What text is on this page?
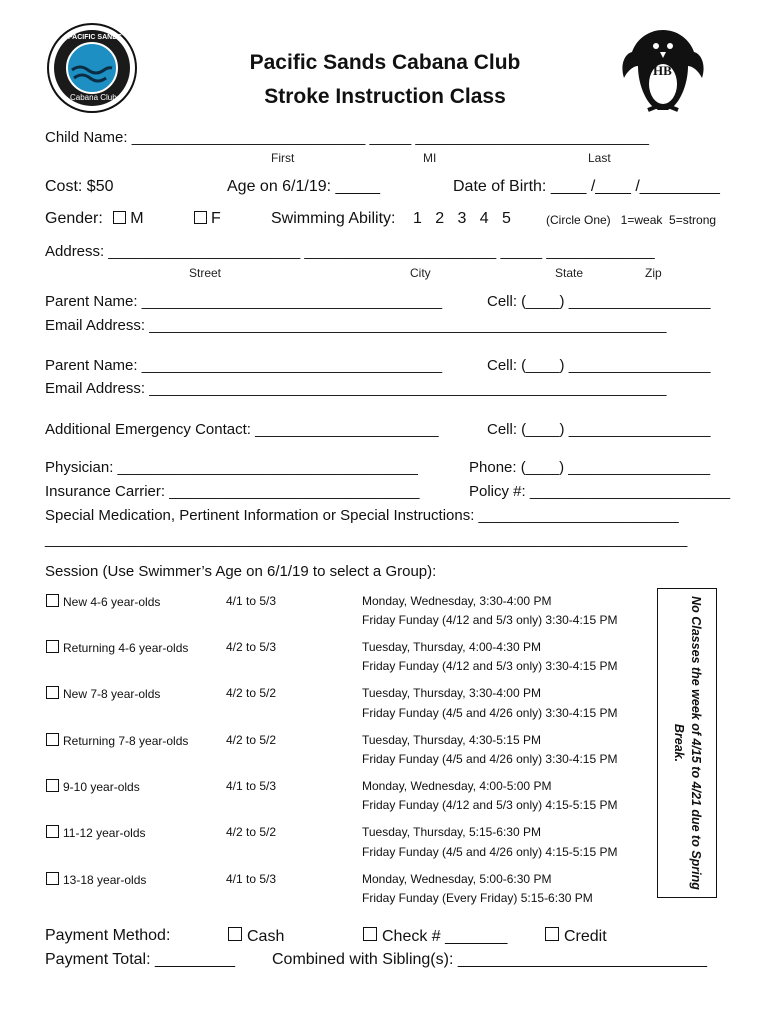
PACIFIC SANDS
Cabana Club
Pacific Sands Cabana Club
Stroke Instruction Class
HB
Child Name: ____________________________ _____ ____________________________
First	MI	Last
Cost: $50	Age on 6/1/19: _____	Date of Birth: ____ /____ /_________
Gender: M	F	Swimming Ability: 1   2   3   4   5	(Circle One)   1=weak  5=strong
Address: _______________________ _______________________ _____ _____________
Street	City	State	Zip
Parent Name: ____________________________________	Cell: (____) _________________
Email Address: ______________________________________________________________
Parent Name: ____________________________________	Cell: (____) _________________
Email Address: ______________________________________________________________
Additional Emergency Contact: ______________________	Cell: (____) _________________
Physician: ____________________________________	Phone: (____) _________________
Insurance Carrier: ______________________________	Policy #: ________________________
Special Medication, Pertinent Information or Special Instructions: ________________________
_____________________________________________________________________________
Session (Use Swimmer’s Age on 6/1/19 to select a Group):
New 4-6 year-olds	4/1 to 5/3	Monday, Wednesday, 3:30-4:00 PM
Friday Funday (4/12 and 5/3 only) 3:30-4:15 PM
Returning 4-6 year-olds	4/2 to 5/3	Tuesday, Thursday, 4:00-4:30 PM
Friday Funday (4/12 and 5/3 only) 3:30-4:15 PM
New 7-8 year-olds	4/2 to 5/2	Tuesday, Thursday, 3:30-4:00 PM
Friday Funday (4/5 and 4/26 only) 3:30-4:15 PM
Returning 7-8 year-olds	4/2 to 5/2	Tuesday, Thursday, 4:30-5:15 PM
Friday Funday (4/5 and 4/26 only) 3:30-4:15 PM
9-10 year-olds	4/1 to 5/3	Monday, Wednesday, 4:00-5:00 PM
Friday Funday (4/12 and 5/3 only) 4:15-5:15 PM
11-12 year-olds	4/2 to 5/2	Tuesday, Thursday, 5:15-6:30 PM
Friday Funday (4/5 and 4/26 only) 4:15-5:15 PM
13-18 year-olds	4/1 to 5/3	Monday, Wednesday, 5:00-6:30 PM
Friday Funday (Every Friday) 5:15-6:30 PM
No Classes the week of 4/15 to 4/21 due to Spring Break.
Payment Method:	Cash	Check # _______	Credit
Payment Total: _________ Combined with Sibling(s): ____________________________
